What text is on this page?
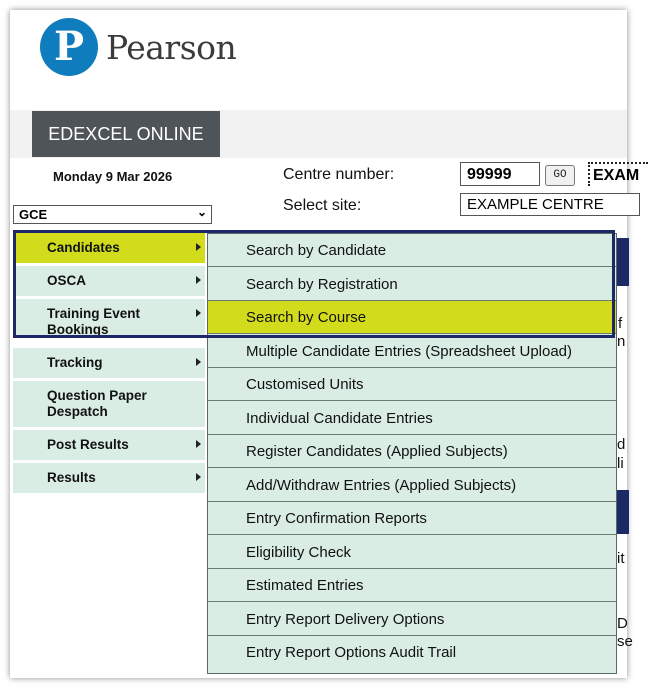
P Pearson
EDEXCEL ONLINE
Monday 9 Mar 2026
GCE	⌄
Centre number:	99999	GO	EXAM
Select site:	EXAMPLE CENTRE
f
n
d
li
it
D
se
Candidates
OSCA
Training Event Bookings
Tracking
Question Paper Despatch
Post Results
Results
Search by Candidate
Search by Registration
Search by Course
Multiple Candidate Entries (Spreadsheet Upload)
Customised Units
Individual Candidate Entries
Register Candidates (Applied Subjects)
Add/Withdraw Entries (Applied Subjects)
Entry Confirmation Reports
Eligibility Check
Estimated Entries
Entry Report Delivery Options
Entry Report Options Audit Trail
